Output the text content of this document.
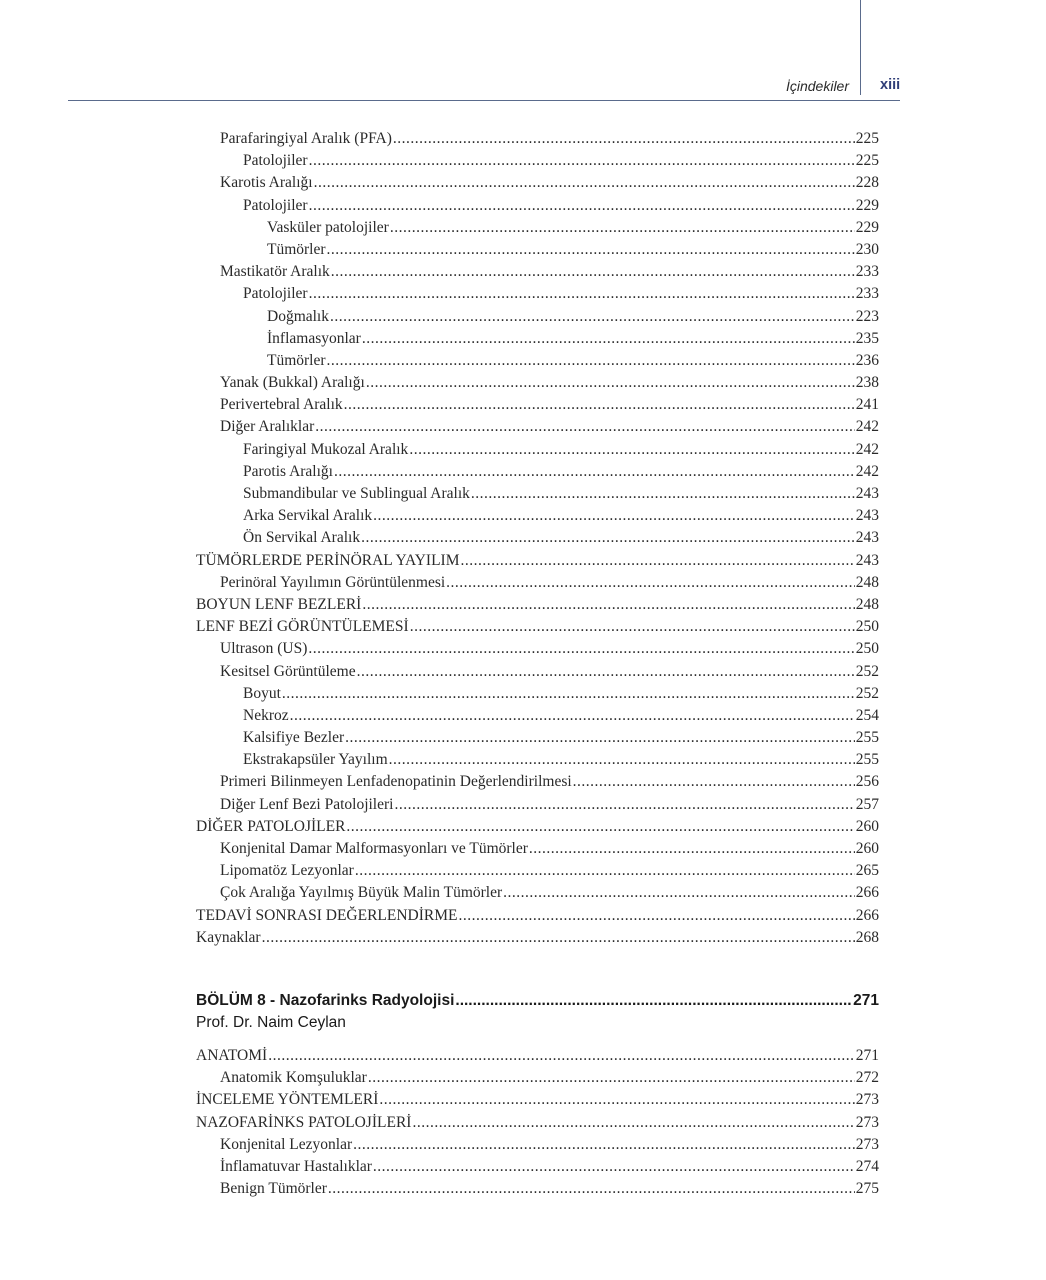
İçindekiler xiii
Parafaringiyal Aralık (PFA) .....	225
Patolojiler .....	225
Karotis Aralığı .....	228
Patolojiler .....	229
Vasküler patolojiler .....	229
Tümörler .....	230
Mastikatör Aralık .....	233
Patolojiler .....	233
Doğmalık .....	223
İnflamasyonlar .....	235
Tümörler .....	236
Yanak (Bukkal) Aralığı .....	238
Perivertebral Aralık .....	241
Diğer Aralıklar .....	242
Faringiyal Mukozal Aralık .....	242
Parotis Aralığı .....	242
Submandibular ve Sublingual Aralık .....	243
Arka Servikal Aralık .....	243
Ön Servikal Aralık .....	243
TÜMÖRLERDE PERİNÖRAL YAYILIM .....	243
Perinöral Yayılımın Görüntülenmesi .....	248
BOYUN LENF BEZLERİ .....	248
LENF BEZİ GÖRÜNTÜLEMESİ .....	250
Ultrason (US) .....	250
Kesitsel Görüntüleme .....	252
Boyut .....	252
Nekroz .....	254
Kalsifiye Bezler .....	255
Ekstrakapsüler Yayılım .....	255
Primeri Bilinmeyen Lenfadenopatinin Değerlendirilmesi .....	256
Diğer Lenf Bezi Patolojileri .....	257
DİĞER PATOLOJİLER .....	260
Konjenital Damar Malformasyonları ve Tümörler .....	260
Lipomatöz Lezyonlar .....	265
Çok Aralığa Yayılmış Büyük Malin Tümörler .....	266
TEDAVİ SONRASI DEĞERLENDİRME .....	266
Kaynaklar .....	268
BÖLÜM 8 - Nazofarinks Radyolojisi .....	271
Prof. Dr. Naim Ceylan
ANATOMİ .....	271
Anatomik Komşuluklar .....	272
İNCELEME YÖNTEMLERİ .....	273
NAZOFARİNKS PATOLOJİLERİ .....	273
Konjenital Lezyonlar .....	273
İnflamatuvar Hastalıklar .....	274
Benign Tümörler .....	275
